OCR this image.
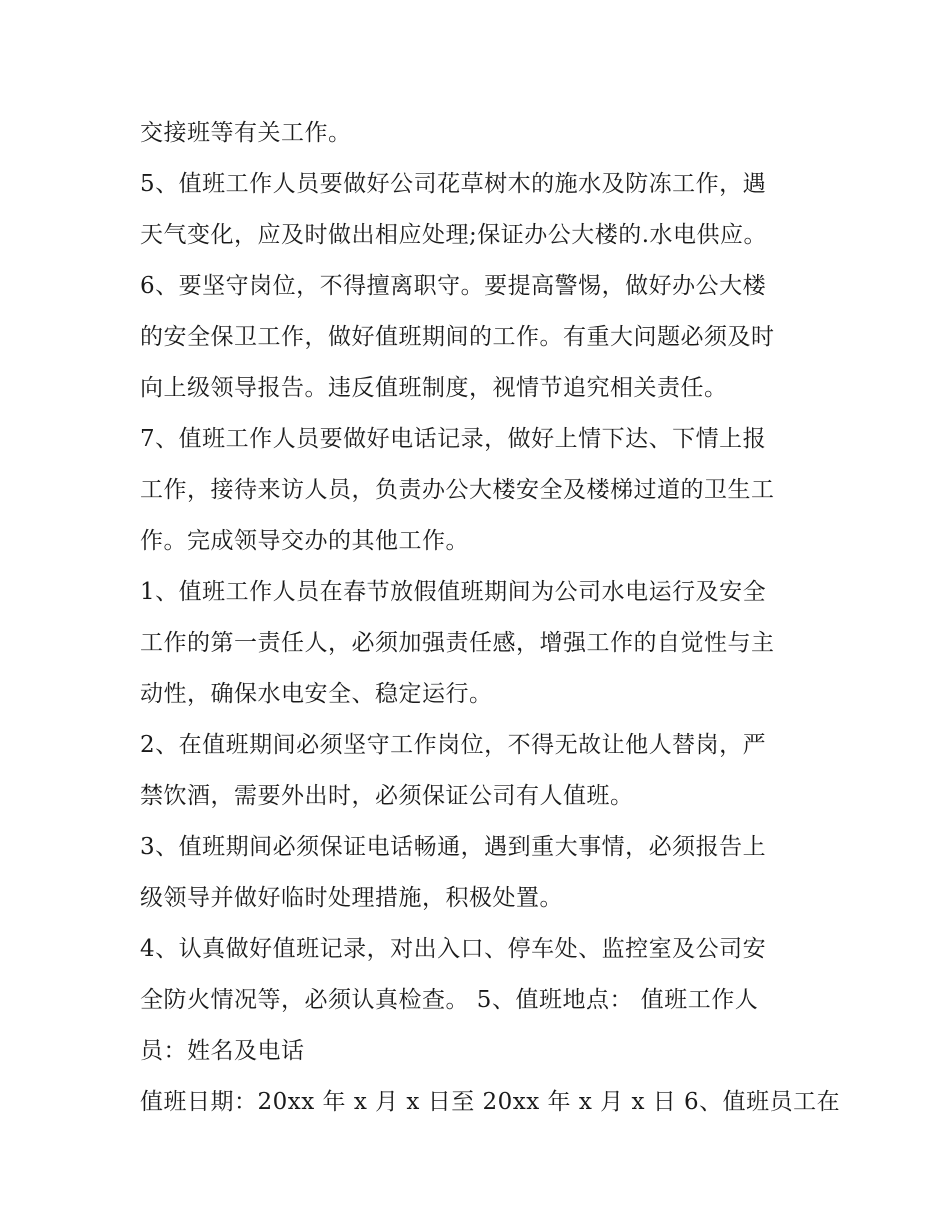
交接班等有关工作。
5、值班工作人员要做好公司花草树木的施水及防冻工作，遇
天气变化，应及时做出相应处理;保证办公大楼的.水电供应。
6、要坚守岗位，不得擅离职守。要提高警惕，做好办公大楼
的安全保卫工作，做好值班期间的工作。有重大问题必须及时
向上级领导报告。违反值班制度，视情节追究相关责任。
7、值班工作人员要做好电话记录，做好上情下达、下情上报
工作，接待来访人员，负责办公大楼安全及楼梯过道的卫生工
作。完成领导交办的其他工作。
1、值班工作人员在春节放假值班期间为公司水电运行及安全
工作的第一责任人，必须加强责任感，增强工作的自觉性与主
动性，确保水电安全、稳定运行。
2、在值班期间必须坚守工作岗位，不得无故让他人替岗，严
禁饮酒，需要外出时，必须保证公司有人值班。
3、值班期间必须保证电话畅通，遇到重大事情，必须报告上
级领导并做好临时处理措施，积极处置。
4、认真做好值班记录，对出入口、停车处、监控室及公司安
全防火情况等，必须认真检查。 5、值班地点： 值班工作人
员：姓名及电话
值班日期：20xx 年 x 月 x 日至 20xx 年 x 月 x 日 6、值班员工在
